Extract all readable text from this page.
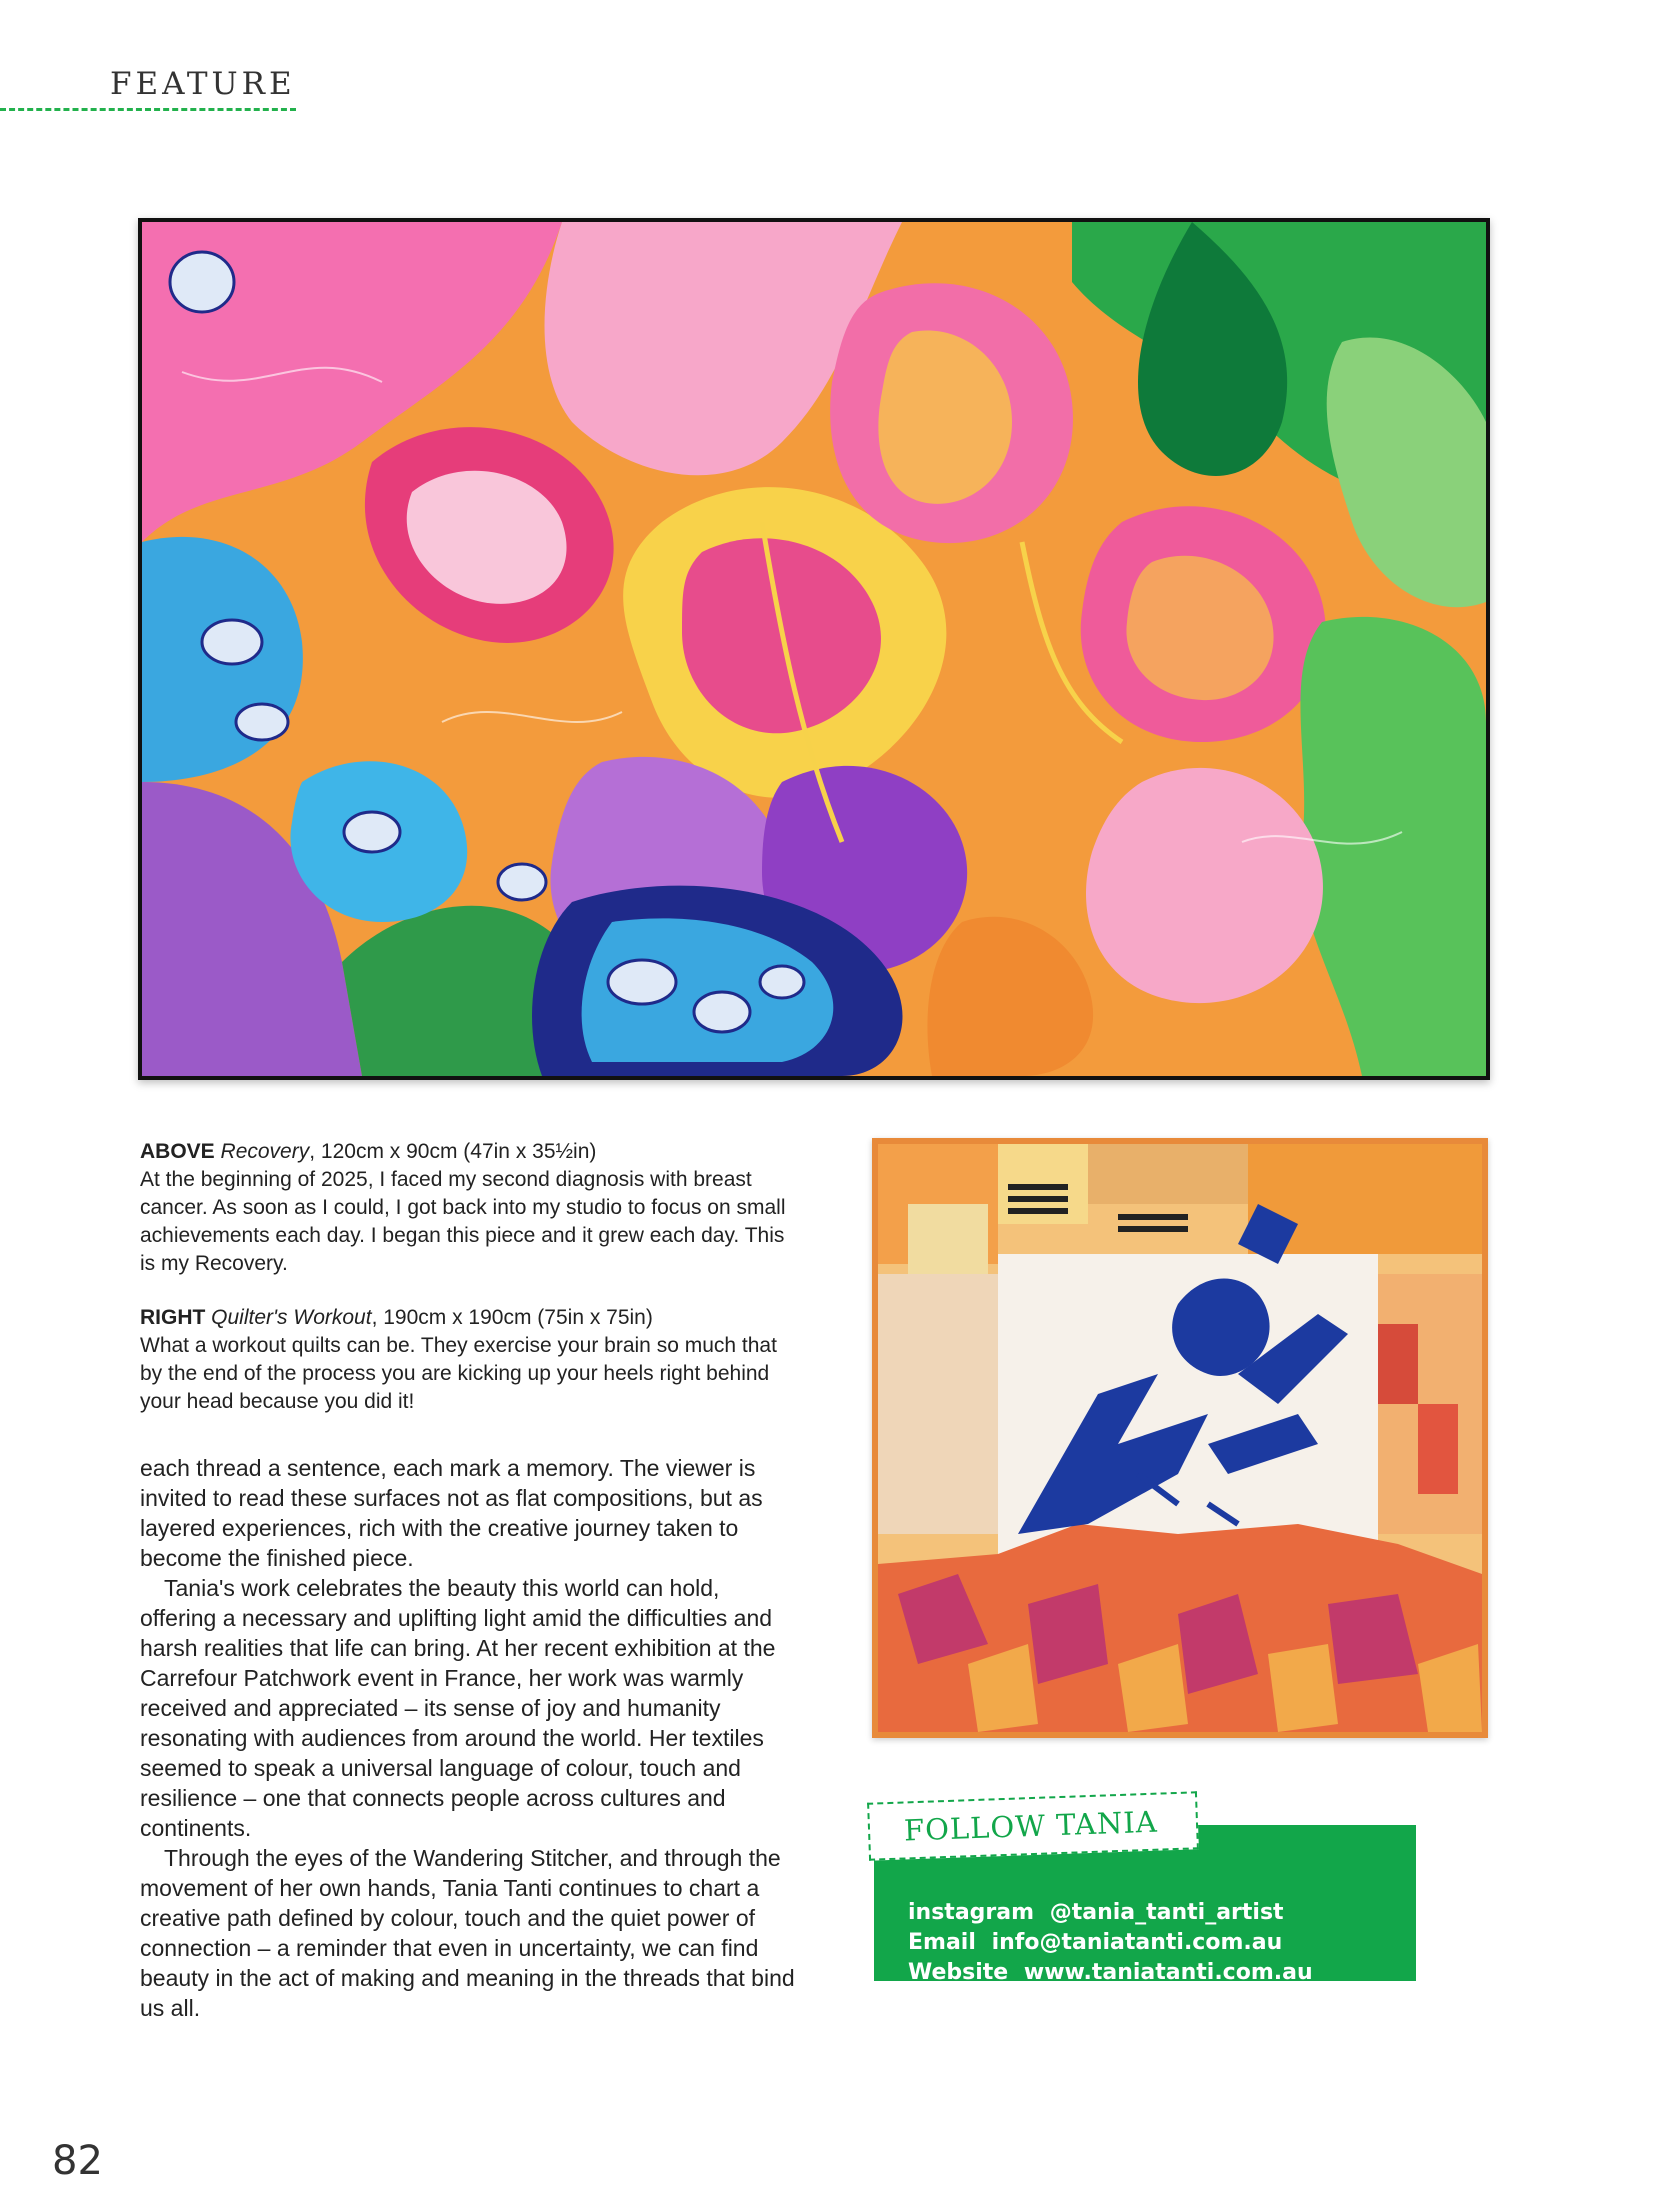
FEATURE

ABOVE Recovery, 120cm x 90cm (47in x 35½in)
At the beginning of 2025, I faced my second diagnosis with breast cancer. As soon as I could, I got back into my studio to focus on small achievements each day. I began this piece and it grew each day. This is my Recovery.

RIGHT Quilter's Workout, 190cm x 190cm (75in x 75in)
What a workout quilts can be. They exercise your brain so much that by the end of the process you are kicking up your heels right behind your head because you did it!

each thread a sentence, each mark a memory. The viewer is invited to read these surfaces not as flat compositions, but as layered experiences, rich with the creative journey taken to become the finished piece.

Tania's work celebrates the beauty this world can hold, offering a necessary and uplifting light amid the difficulties and harsh realities that life can bring. At her recent exhibition at the Carrefour Patchwork event in France, her work was warmly received and appreciated – its sense of joy and humanity resonating with audiences from around the world. Her textiles seemed to speak a universal language of colour, touch and resilience – one that connects people across cultures and continents.

Through the eyes of the Wandering Stitcher, and through the movement of her own hands, Tania Tanti continues to chart a creative path defined by colour, touch and the quiet power of connection – a reminder that even in uncertainty, we can find beauty in the act of making and meaning in the threads that bind us all.

FOLLOW TANIA
instagram @tania_tanti_artist
Email info@taniatanti.com.au
Website www.taniatanti.com.au
82
